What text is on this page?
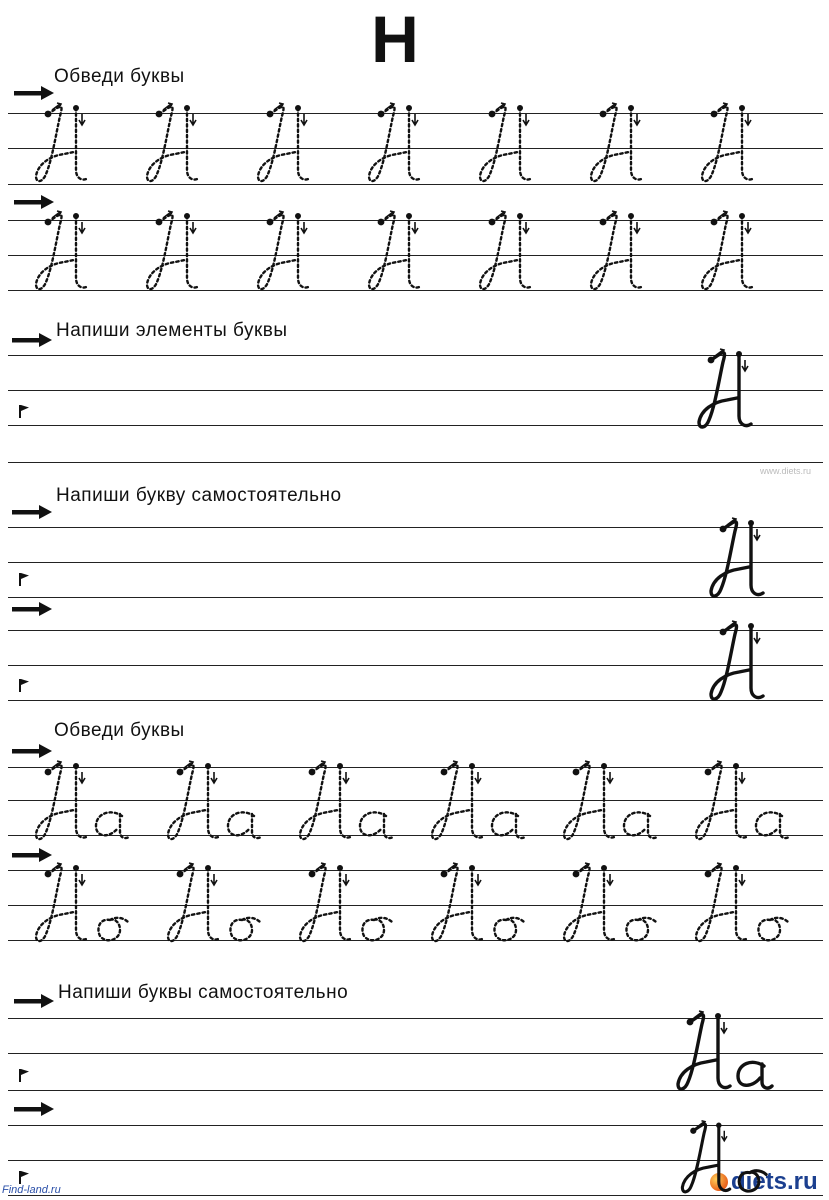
Н
Обведи буквы
Напиши элементы буквы
Напиши букву самостоятельно
Обведи буквы
Напиши буквы самостоятельно
Find-land.ru	diets.ru
www.diets.ru
